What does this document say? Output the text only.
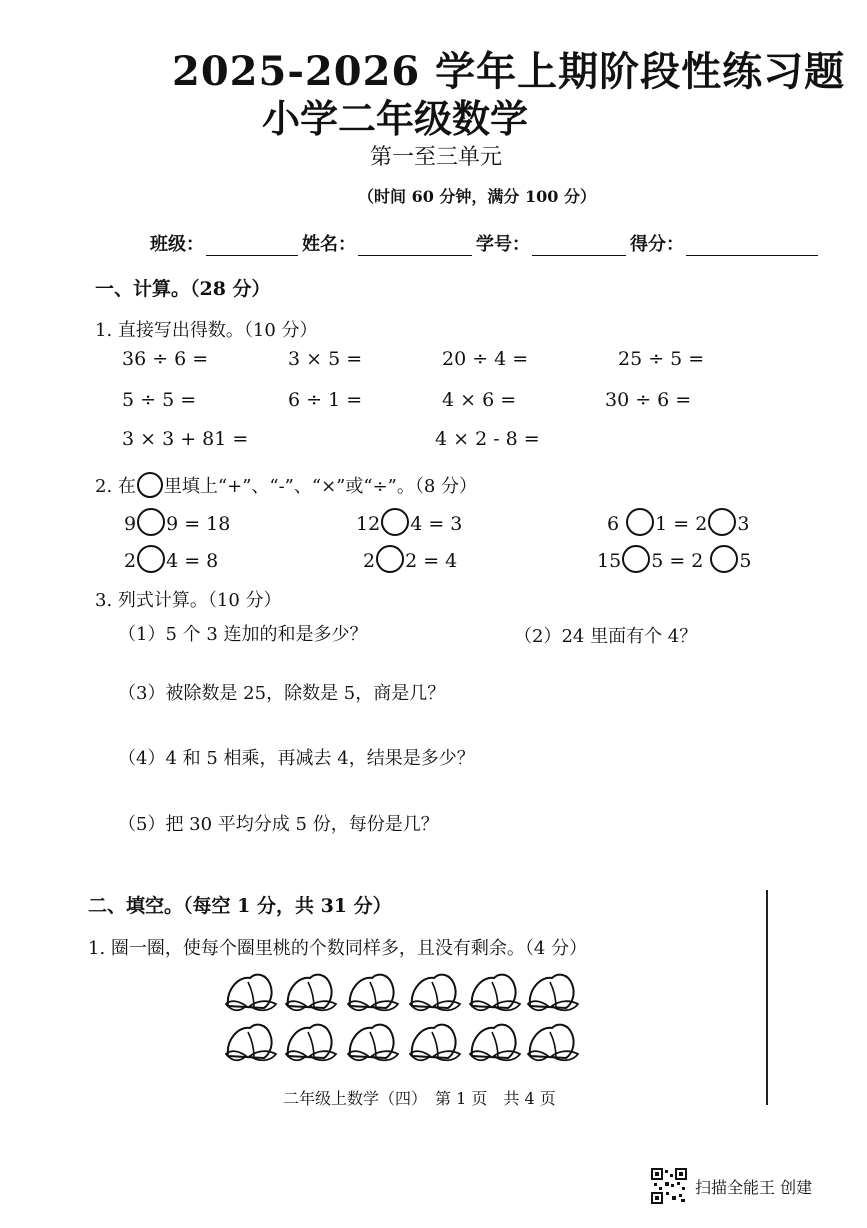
2025-2026 学年上期阶段性练习题
小学二年级数学
第一至三单元
（时间 60 分钟，满分 100 分）
班级：	姓名：	学号：	得分：
一、计算。（28 分）
1. 直接写出得数。（10 分）
36 ÷ 6 =	3 × 5 =	20 ÷ 4 =	25 ÷ 5 =
5 ÷ 5 =	6 ÷ 1 =	4 × 6 =	30 ÷ 6 =
3 × 3 + 81 =	4 × 2 - 8 =
2. 在 里填上“+”、“-”、“×”或“÷”。（8 分）
9 9 = 18	12 4 = 3	6 1 = 2 3
2 4 = 8	2 2 = 4	15 5 = 2 5
3. 列式计算。（10 分）
（1）5 个 3 连加的和是多少？	（2）24 里面有个 4？
（3）被除数是 25，除数是 5，商是几？
（4）4 和 5 相乘，再减去 4，结果是多少？
（5）把 30 平均分成 5 份，每份是几？
二、填空。（每空 1 分，共 31 分）
1. 圈一圈，使每个圈里桃的个数同样多，且没有剩余。（4 分）
二年级上数学（四）　第 1 页　共 4 页
扫描全能王 创建
